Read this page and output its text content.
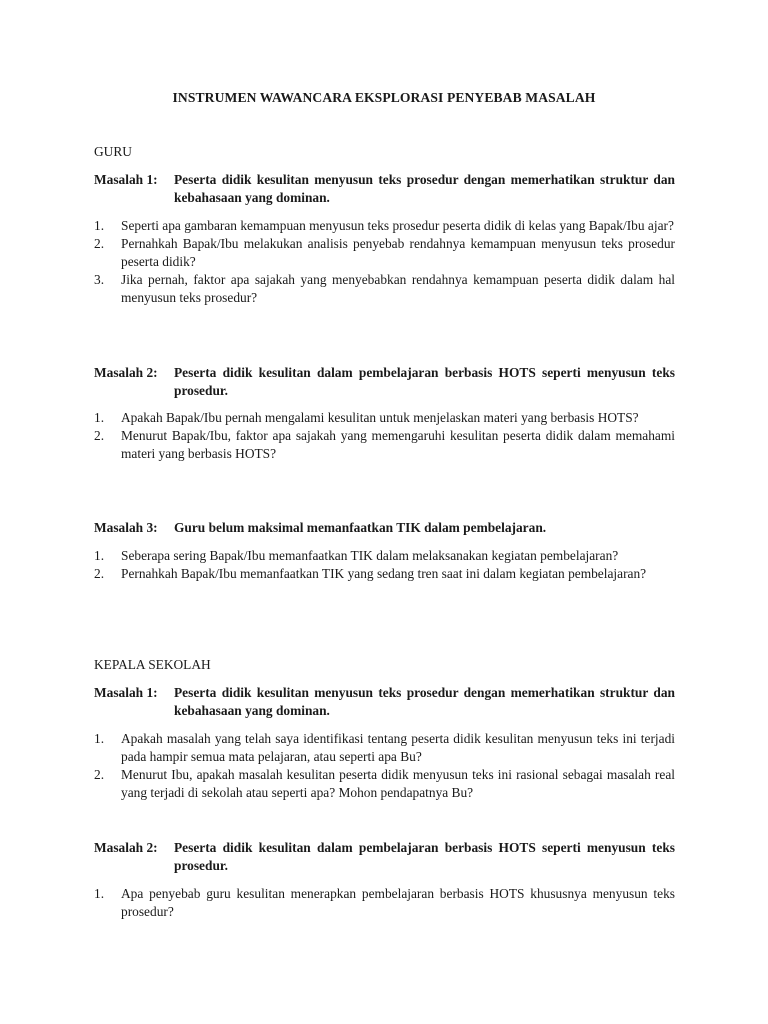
INSTRUMEN WAWANCARA EKSPLORASI PENYEBAB MASALAH
GURU
Masalah 1:	Peserta didik kesulitan menyusun teks prosedur dengan memerhatikan struktur dan kebahasaan yang dominan.
1.	Seperti apa gambaran kemampuan menyusun teks prosedur peserta didik di kelas yang Bapak/Ibu ajar?
2.	Pernahkah Bapak/Ibu melakukan analisis penyebab rendahnya kemampuan menyusun teks prosedur peserta didik?
3.	Jika pernah, faktor apa sajakah yang menyebabkan rendahnya kemampuan peserta didik dalam hal menyusun teks prosedur?
Masalah 2:	Peserta didik kesulitan dalam pembelajaran berbasis HOTS seperti menyusun teks prosedur.
1.	Apakah Bapak/Ibu pernah mengalami kesulitan untuk menjelaskan materi yang berbasis HOTS?
2.	Menurut Bapak/Ibu, faktor apa sajakah yang memengaruhi kesulitan peserta didik dalam memahami materi yang berbasis HOTS?
Masalah 3:	Guru belum maksimal memanfaatkan TIK dalam pembelajaran.
1.	Seberapa sering Bapak/Ibu memanfaatkan TIK dalam melaksanakan kegiatan pembelajaran?
2.	Pernahkah Bapak/Ibu memanfaatkan TIK yang sedang tren saat ini dalam kegiatan pembelajaran?
KEPALA SEKOLAH
Masalah 1:	Peserta didik kesulitan menyusun teks prosedur dengan memerhatikan struktur dan kebahasaan yang dominan.
1.	Apakah masalah yang telah saya identifikasi tentang peserta didik kesulitan menyusun teks ini terjadi pada hampir semua mata pelajaran, atau seperti apa Bu?
2.	Menurut Ibu, apakah masalah kesulitan peserta didik menyusun teks ini rasional sebagai masalah real yang terjadi di sekolah atau seperti apa? Mohon pendapatnya Bu?
Masalah 2:	Peserta didik kesulitan dalam pembelajaran berbasis HOTS seperti menyusun teks prosedur.
1.	Apa penyebab guru kesulitan menerapkan pembelajaran berbasis HOTS khususnya menyusun teks prosedur?
